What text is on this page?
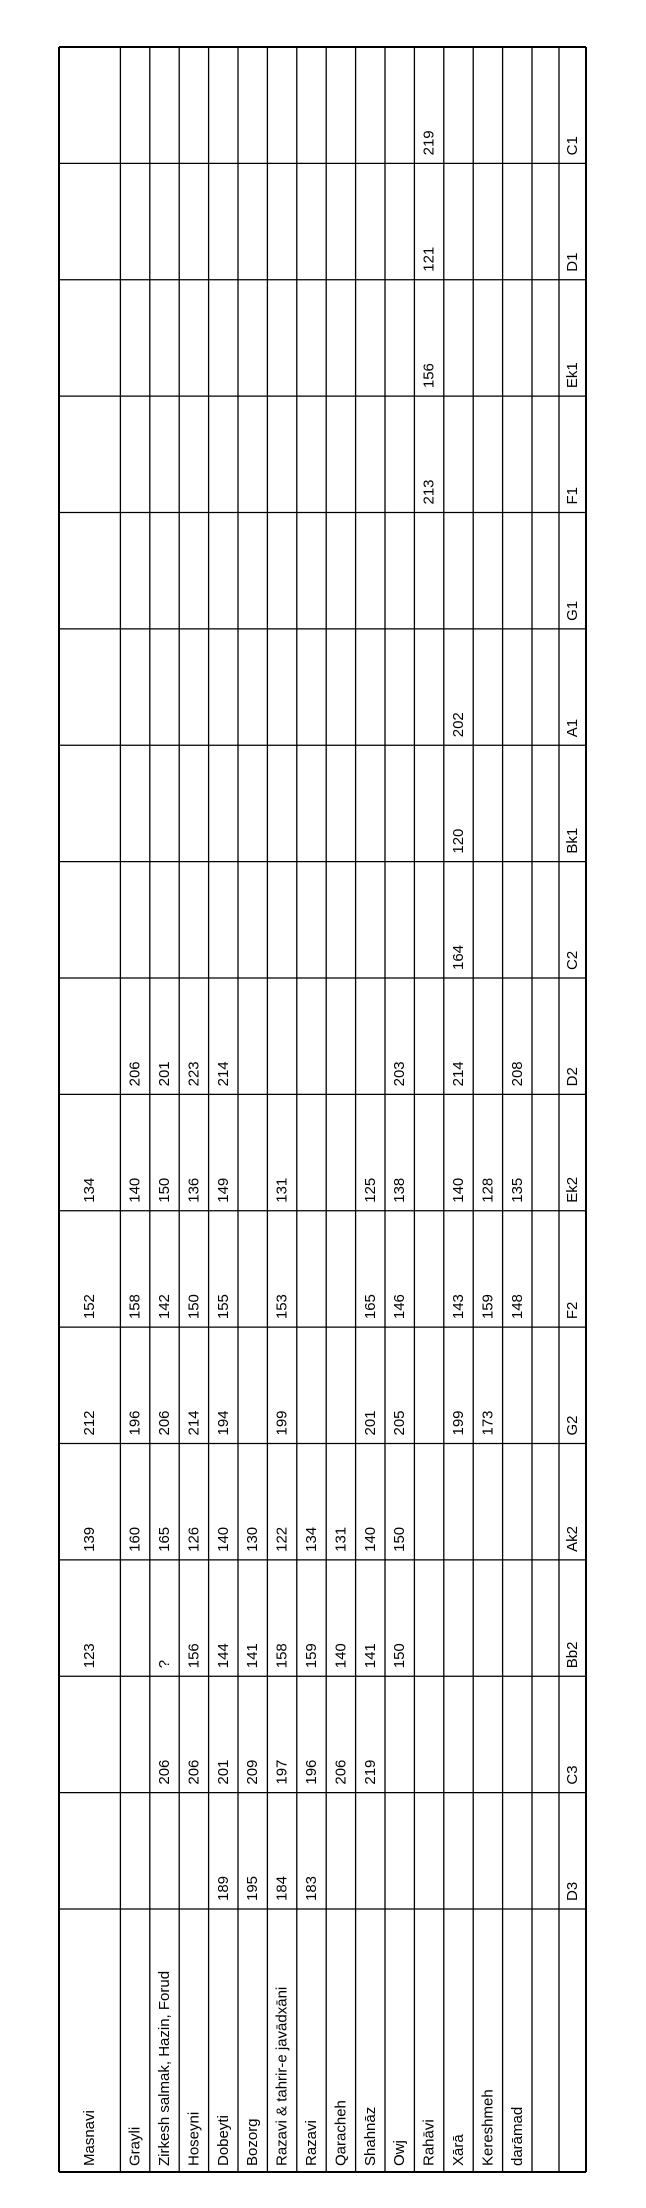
C1
D1
Ek1
F1
G1
A1
Bk1
C2
D2
Ek2
F2
G2
Ak2
Bb2
C3
D3
darāmad
208
135
148
Kereshmeh
128
159
173
Xārā
202
120
164
214
140
143
199
Rahāvi
219
121
156
213
Owj
203
138
146
205
150
150
Shahnāz
125
165
201
140
141
219
Qaracheh
131
140
206
Razavi
134
159
196
183
Razavi & tahrir-e javādxāni
131
153
199
122
158
197
184
Bozorg
130
141
209
195
Dobeyti
214
149
155
194
140
144
201
189
Hoseyni
223
136
150
214
126
156
206
Zirkesh salmak, Hazin, Forud
201
150
142
206
165
?
206
Grayli
206
140
158
196
160
Masnavi
134
152
212
139
123
